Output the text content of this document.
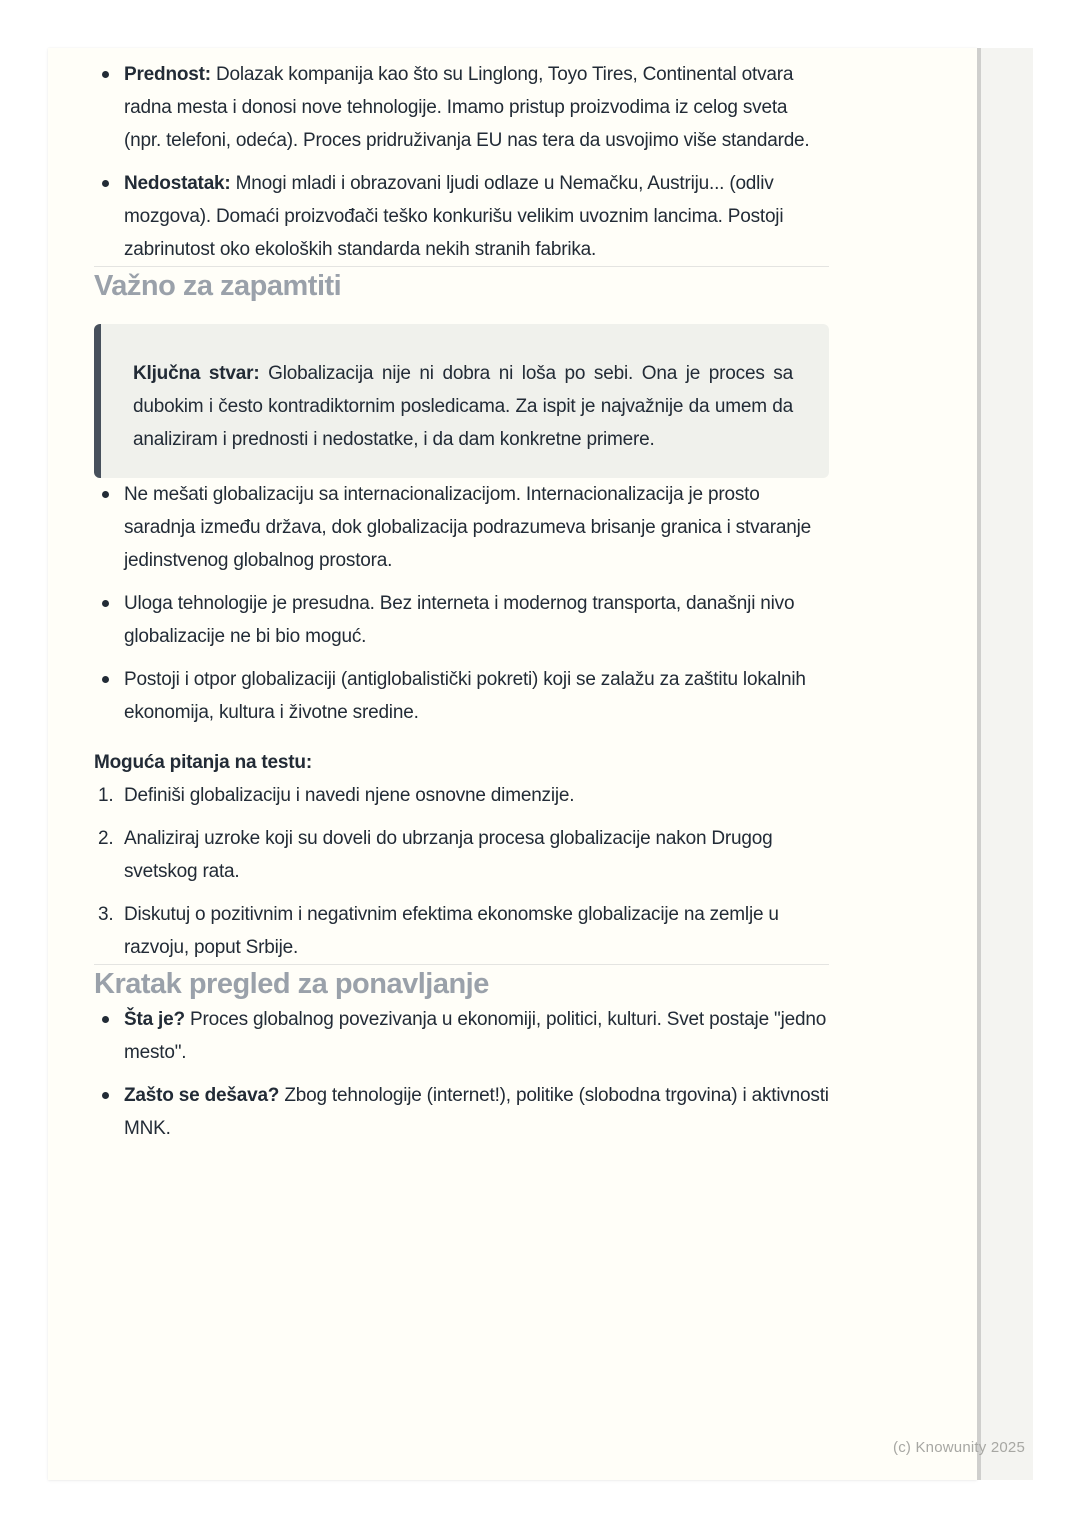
Prednost: Dolazak kompanija kao što su Linglong, Toyo Tires, Continental otvara radna mesta i donosi nove tehnologije. Imamo pristup proizvodima iz celog sveta (npr. telefoni, odeća). Proces pridruživanja EU nas tera da usvojimo više standarde.
Nedostatak: Mnogi mladi i obrazovani ljudi odlaze u Nemačku, Austriju... (odliv mozgova). Domaći proizvođači teško konkurišu velikim uvoznim lancima. Postoji zabrinutost oko ekoloških standarda nekih stranih fabrika.
Važno za zapamtiti

Ključna stvar: Globalizacija nije ni dobra ni loša po sebi. Ona je proces sa dubokim i često kontradiktornim posledicama. Za ispit je najvažnije da umem da analiziram i prednosti i nedostatke, i da dam konkretne primere.

Ne mešati globalizaciju sa internacionalizacijom. Internacionalizacija je prosto saradnja između država, dok globalizacija podrazumeva brisanje granica i stvaranje jedinstvenog globalnog prostora.
Uloga tehnologije je presudna. Bez interneta i modernog transporta, današnji nivo globalizacije ne bi bio moguć.
Postoji i otpor globalizaciji (antiglobalistički pokreti) koji se zalažu za zaštitu lokalnih ekonomija, kultura i životne sredine.

Moguća pitanja na testu:

1. Definiši globalizaciju i navedi njene osnovne dimenzije.
2. Analiziraj uzroke koji su doveli do ubrzanja procesa globalizacije nakon Drugog svetskog rata.
3. Diskutuj o pozitivnim i negativnim efektima ekonomske globalizacije na zemlje u razvoju, poput Srbije.
Kratak pregled za ponavljanje
Šta je? Proces globalnog povezivanja u ekonomiji, politici, kulturi. Svet postaje "jedno mesto".
Zašto se dešava? Zbog tehnologije (internet!), politike (slobodna trgovina) i aktivnosti MNK.
(c) Knowunity 2025
